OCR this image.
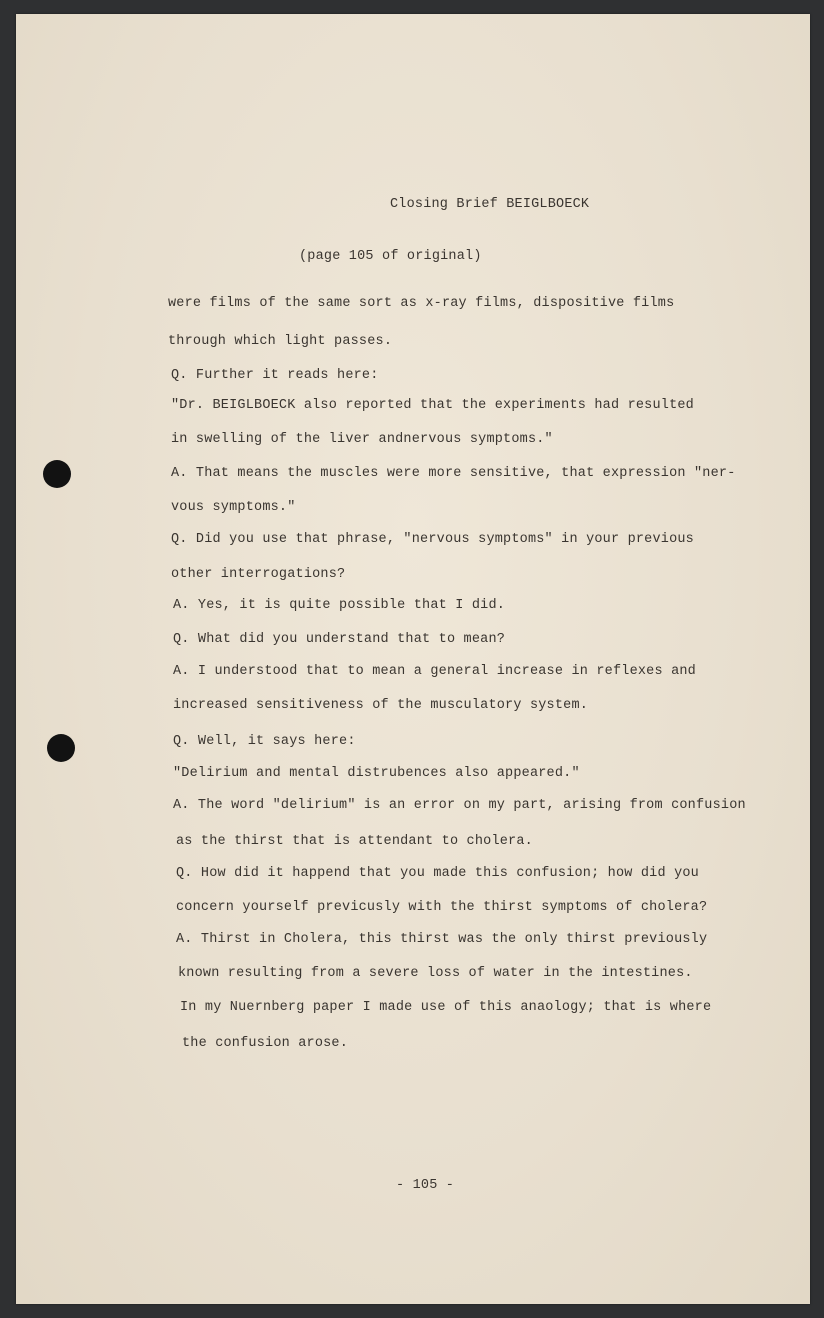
Closing Brief BEIGLBOECK
(page 105 of original)
were films of the same sort as x-ray films, dispositive films
through which light passes.
Q. Further it reads here:
"Dr. BEIGLBOECK also reported that the experiments had resulted
in swelling of the liver andnervous symptoms."
A. That means the muscles were more sensitive, that expression "ner-
vous symptoms."
Q. Did you use that phrase, "nervous symptoms" in your previous
other interrogations?
A. Yes, it is quite possible that I did.
Q. What did you understand that to mean?
A. I understood that to mean a general increase in reflexes and
increased sensitiveness of the musculatory system.
Q. Well, it says here:
"Delirium and mental distrubences also appeared."
A. The word "delirium" is an error on my part, arising from confusion
as the thirst that is attendant to cholera.
Q. How did it happend that you made this confusion; how did you
concern yourself previcusly with the thirst symptoms of cholera?
A. Thirst in Cholera, this thirst was the only thirst previously
known resulting from a severe loss of water in the intestines.
In my Nuernberg paper I made use of this anaology; that is where
the confusion arose.
- 105 -
